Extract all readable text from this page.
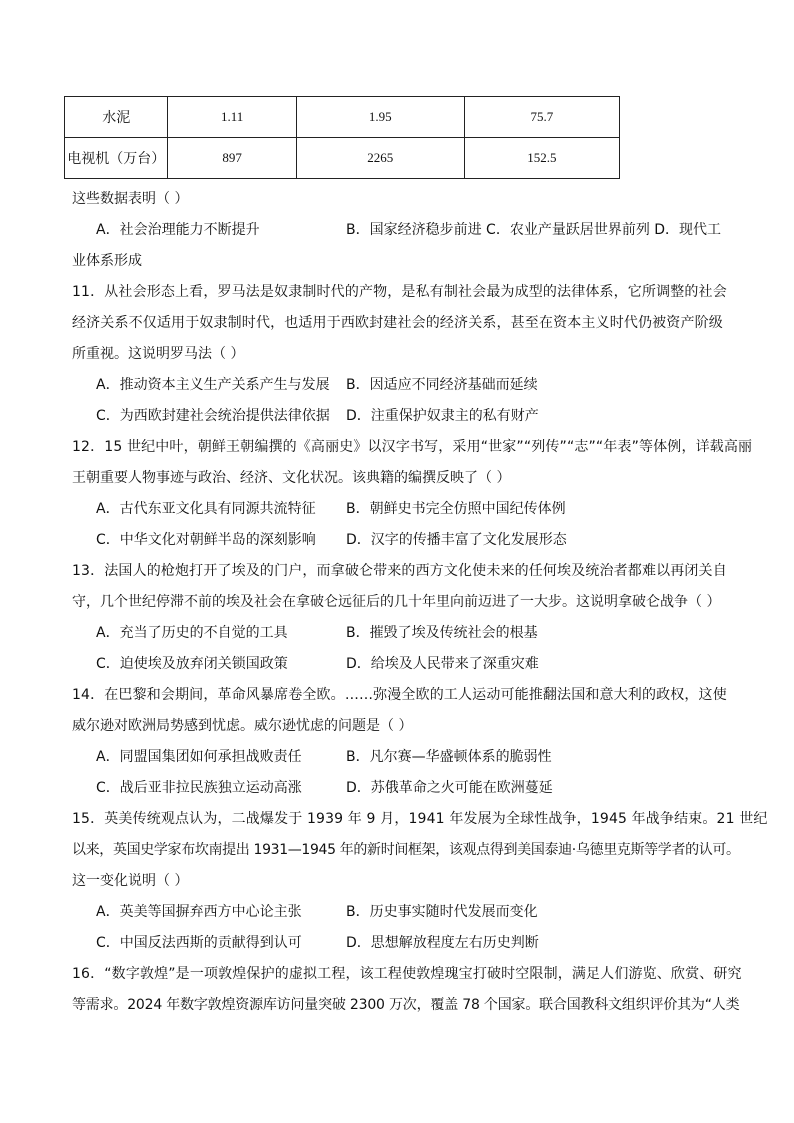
水泥	1.11	1.95	75.7
电视机（万台）	897	2265	152.5
这些数据表明（ ）
A．社会治理能力不断提升	B．国家经济稳步前进 C．农业产量跃居世界前列 D．现代工
业体系形成
11．从社会形态上看，罗马法是奴隶制时代的产物，是私有制社会最为成型的法律体系，它所调整的社会
经济关系不仅适用于奴隶制时代，也适用于西欧封建社会的经济关系，甚至在资本主义时代仍被资产阶级
所重视。这说明罗马法（ ）
A．推动资本主义生产关系产生与发展 B．因适应不同经济基础而延续
C．为西欧封建社会统治提供法律依据 D．注重保护奴隶主的私有财产
12．15 世纪中叶，朝鲜王朝编撰的《高丽史》以汉字书写，采用“世家”“列传”“志”“年表”等体例，详载高丽
王朝重要人物事迹与政治、经济、文化状况。该典籍的编撰反映了（ ）
A．古代东亚文化具有同源共流特征 B．朝鲜史书完全仿照中国纪传体例
C．中华文化对朝鲜半岛的深刻影响 D．汉字的传播丰富了文化发展形态
13．法国人的枪炮打开了埃及的门户，而拿破仑带来的西方文化使未来的任何埃及统治者都难以再闭关自
守，几个世纪停滞不前的埃及社会在拿破仑远征后的几十年里向前迈进了一大步。这说明拿破仑战争（ ）
A．充当了历史的不自觉的工具	B．摧毁了埃及传统社会的根基
C．迫使埃及放弃闭关锁国政策	D．给埃及人民带来了深重灾难
14．在巴黎和会期间，革命风暴席卷全欧。……弥漫全欧的工人运动可能推翻法国和意大利的政权，这使
威尔逊对欧洲局势感到忧虑。威尔逊忧虑的问题是（ ）
A．同盟国集团如何承担战败责任	B．凡尔赛—华盛顿体系的脆弱性
C．战后亚非拉民族独立运动高涨	D．苏俄革命之火可能在欧洲蔓延
15．英美传统观点认为，二战爆发于 1939 年 9 月，1941 年发展为全球性战争，1945 年战争结束。21 世纪
以来，英国史学家布坎南提出 1931—1945 年的新时间框架，该观点得到美国泰迪·乌德里克斯等学者的认可。
这一变化说明（ ）
A．英美等国摒弃西方中心论主张	B．历史事实随时代发展而变化
C．中国反法西斯的贡献得到认可	D．思想解放程度左右历史判断
16．“数字敦煌”是一项敦煌保护的虚拟工程，该工程使敦煌瑰宝打破时空限制，满足人们游览、欣赏、研究
等需求。2024 年数字敦煌资源库访问量突破 2300 万次，覆盖 78 个国家。联合国教科文组织评价其为“人类
